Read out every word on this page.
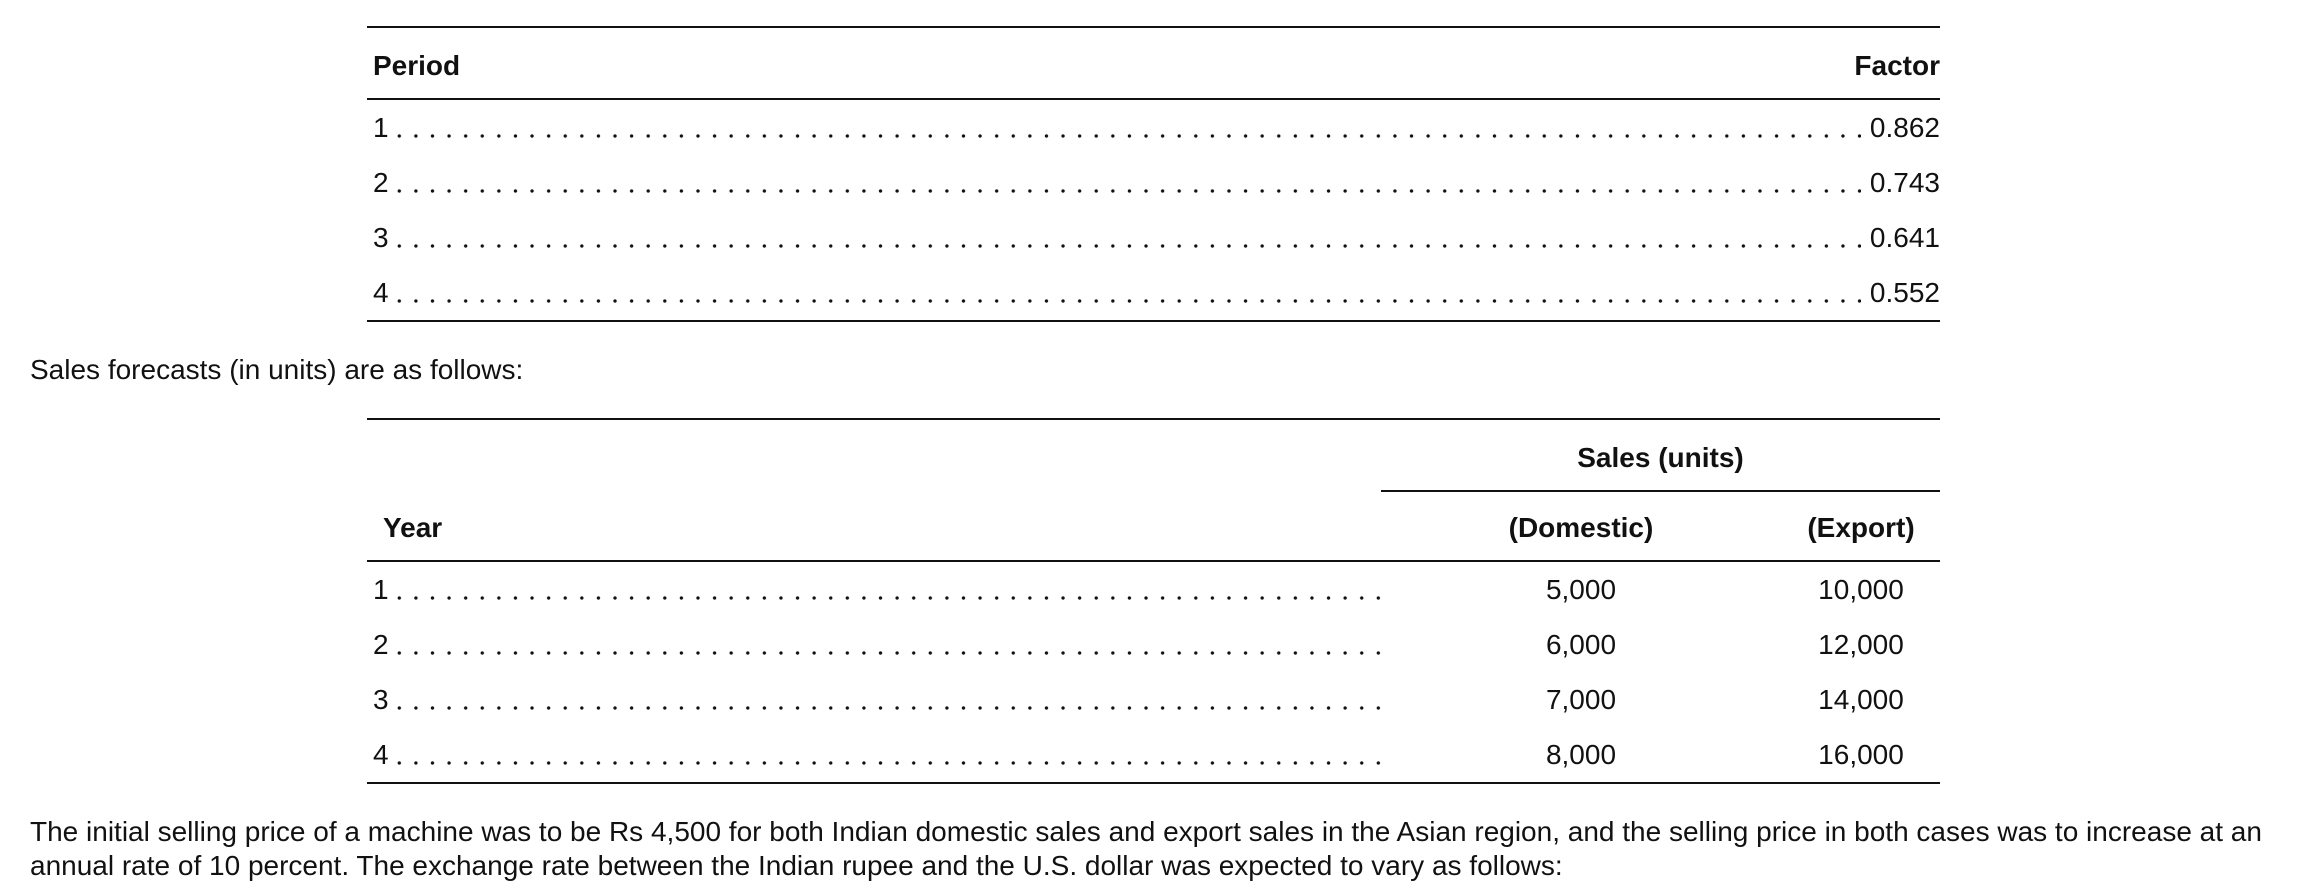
Period	Factor
1	0.862
2	0.743
3	0.641
4	0.552

Sales forecasts (in units) are as follows:

Sales (units)
Year	(Domestic)	(Export)
1	5,000	10,000
2	6,000	12,000
3	7,000	14,000
4	8,000	16,000

The initial selling price of a machine was to be Rs 4,500 for both Indian domestic sales and export sales in the Asian region, and the selling price in both cases was to increase at an annual rate of 10 percent. The exchange rate between the Indian rupee and the U.S. dollar was expected to vary as follows:
